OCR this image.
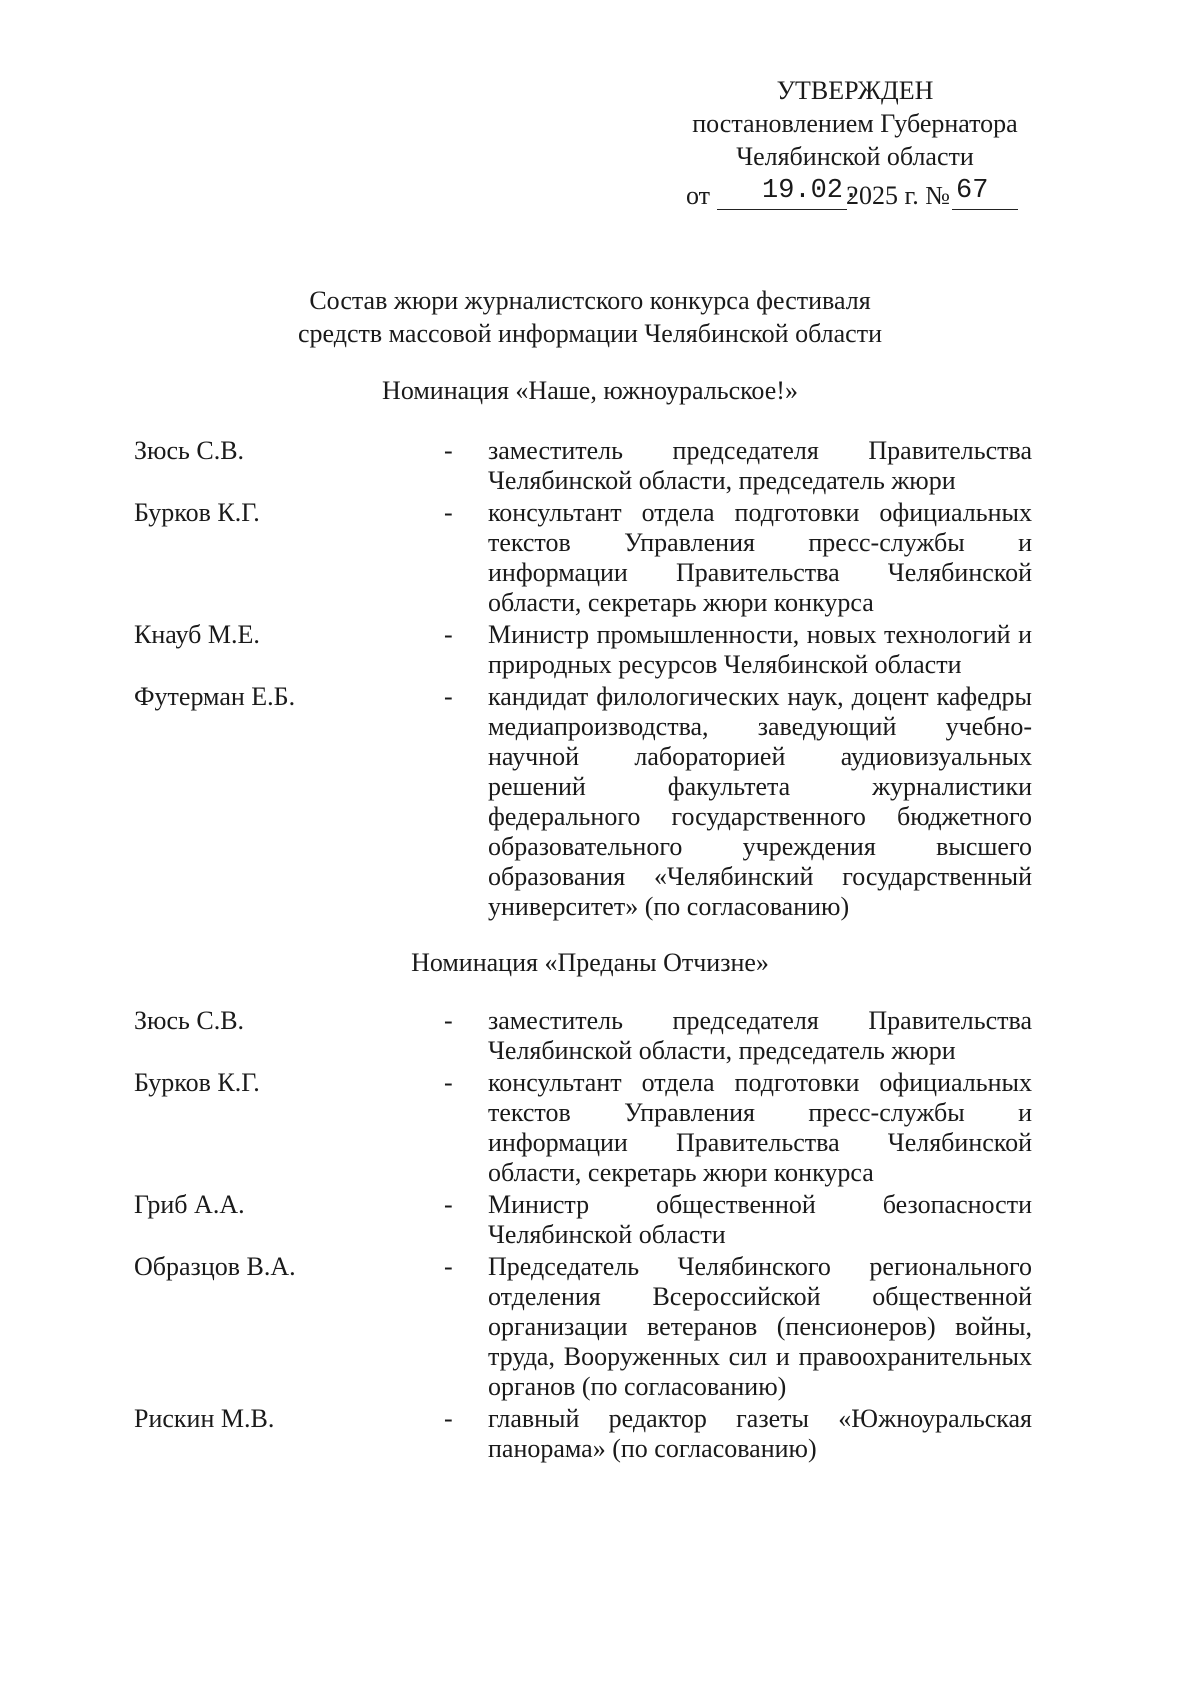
УТВЕРЖДЕН
постановлением Губернатора
Челябинской области
от 19.02.
2025 г. № 67
Состав жюри журналистского конкурса фестиваля
средств массовой информации Челябинской области
Номинация «Наше, южноуральское!»
Зюсь С.В.	- заместитель председателя Правительства Челябинской области, председатель жюри
Бурков К.Г.	- консультант отдела подготовки официальных текстов Управления пресс-службы и информации Правительства Челябинской области, секретарь жюри конкурса
Кнауб М.Е.	- Министр промышленности, новых технологий и природных ресурсов Челябинской области
Футерман Е.Б.	- кандидат филологических наук, доцент кафедры медиапроизводства, заведующий учебно-научной лабораторией аудиовизуальных решений факультета журналистики федерального государственного бюджетного образовательного учреждения высшего образования «Челябинский государственный университет» (по согласованию)
Номинация «Преданы Отчизне»
Зюсь С.В.	- заместитель председателя Правительства Челябинской области, председатель жюри
Бурков К.Г.	- консультант отдела подготовки официальных текстов Управления пресс-службы и информации Правительства Челябинской области, секретарь жюри конкурса
Гриб А.А.	- Министр общественной безопасности Челябинской области
Образцов В.А.	- Председатель Челябинского регионального отделения Всероссийской общественной организации ветеранов (пенсионеров) войны, труда, Вооруженных сил и правоохранительных органов (по согласованию)
Рискин М.В.	- главный редактор газеты «Южноуральская панорама» (по согласованию)
